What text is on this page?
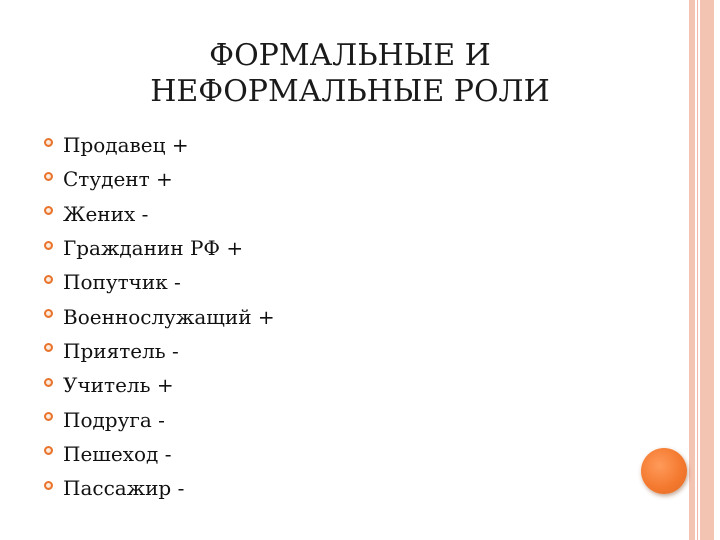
ФОРМАЛЬНЫЕ И
НЕФОРМАЛЬНЫЕ РОЛИ
Продавец +
Студент +
Жених -
Гражданин РФ +
Попутчик -
Военнослужащий +
Приятель -
Учитель +
Подруга -
Пешеход -
Пассажир -
